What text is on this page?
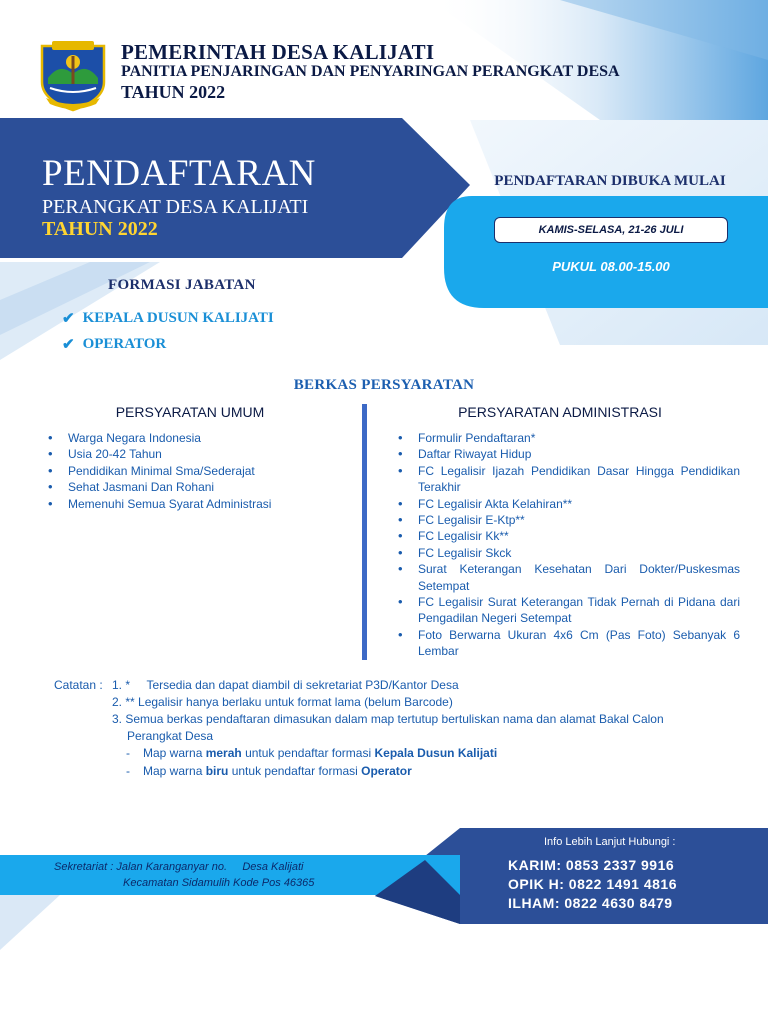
PEMERINTAH DESA KALIJATI
PANITIA PENJARINGAN DAN PENYARINGAN PERANGKAT DESA
TAHUN 2022
PENDAFTARAN
PERANGKAT DESA KALIJATI
TAHUN 2022
PENDAFTARAN DIBUKA MULAI
KAMIS-SELASA, 21-26 JULI
PUKUL 08.00-15.00
FORMASI JABATAN
✔ KEPALA DUSUN KALIJATI
✔ OPERATOR
BERKAS PERSYARATAN
PERSYARATAN UMUM	PERSYARATAN ADMINISTRASI
• Warga Negara Indonesia
• Usia 20-42 Tahun
• Pendidikan Minimal Sma/Sederajat
• Sehat Jasmani Dan Rohani
• Memenuhi Semua Syarat Administrasi
• Formulir Pendaftaran*
• Daftar Riwayat Hidup
• FC Legalisir Ijazah Pendidikan Dasar Hingga Pendidikan Terakhir
• FC Legalisir Akta Kelahiran**
• FC Legalisir E-Ktp**
• FC Legalisir Kk**
• FC Legalisir Skck
• Surat Keterangan Kesehatan Dari Dokter/Puskesmas Setempat
• FC Legalisir Surat Keterangan Tidak Pernah di Pidana dari Pengadilan Negeri Setempat
• Foto Berwarna Ukuran 4x6 Cm (Pas Foto) Sebanyak 6 Lembar
Catatan : 1. *     Tersedia dan dapat diambil di sekretariat P3D/Kantor Desa
2. ** Legalisir hanya berlaku untuk format lama (belum Barcode)
3. Semua berkas pendaftaran dimasukan dalam map tertutup bertuliskan nama dan alamat Bakal Calon
Perangkat Desa
- Map warna merah untuk pendaftar formasi Kepala Dusun Kalijati
- Map warna biru untuk pendaftar formasi Operator
Sekretariat : Jalan Karanganyar no.     Desa Kalijati
Kecamatan Sidamulih Kode Pos 46365
Info Lebih Lanjut Hubungi :
KARIM: 0853 2337 9916
OPIK H: 0822 1491 4816
ILHAM: 0822 4630 8479
